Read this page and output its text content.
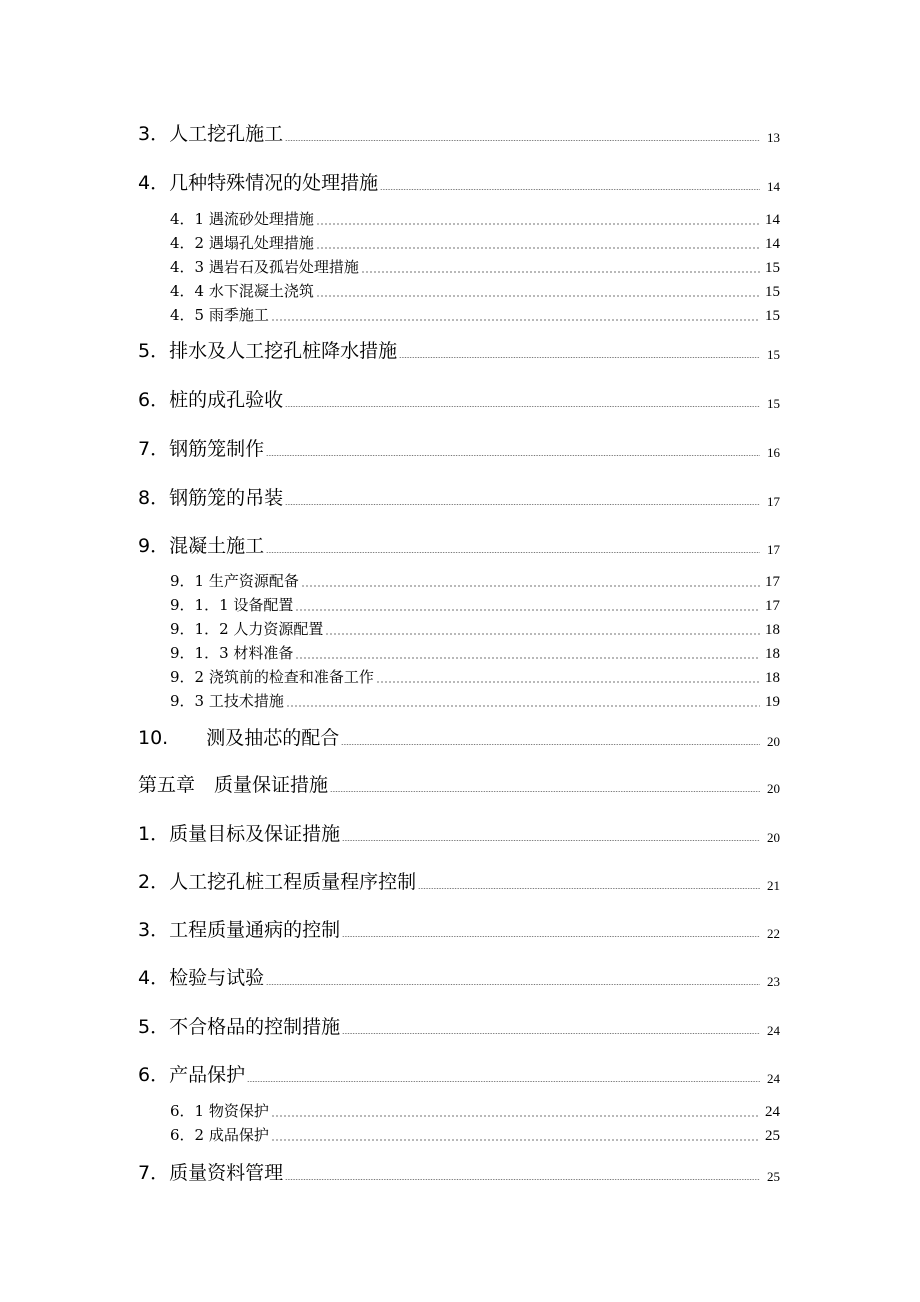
3．人工挖孔施工	13
4．几种特殊情况的处理措施	14
4．1 遇流砂处理措施	14
4．2 遇塌孔处理措施	14
4．3 遇岩石及孤岩处理措施	15
4．4 水下混凝土浇筑	15
4．5 雨季施工	15
5．排水及人工挖孔桩降水措施	15
6．桩的成孔验收	15
7．钢筋笼制作	16
8．钢筋笼的吊装	17
9．混凝土施工	17
9．1 生产资源配备	17
9．1．1 设备配置	17
9．1．2 人力资源配置	18
9．1．3 材料准备	18
9．2 浇筑前的检查和准备工作	18
9．3 工技术措施	19
10.　　测及抽芯的配合	20
第五章　质量保证措施	20
1．质量目标及保证措施	20
2．人工挖孔桩工程质量程序控制	21
3．工程质量通病的控制	22
4．检验与试验	23
5．不合格品的控制措施	24
6．产品保护	24
6．1 物资保护	24
6．2 成品保护	25
7．质量资料管理	25
